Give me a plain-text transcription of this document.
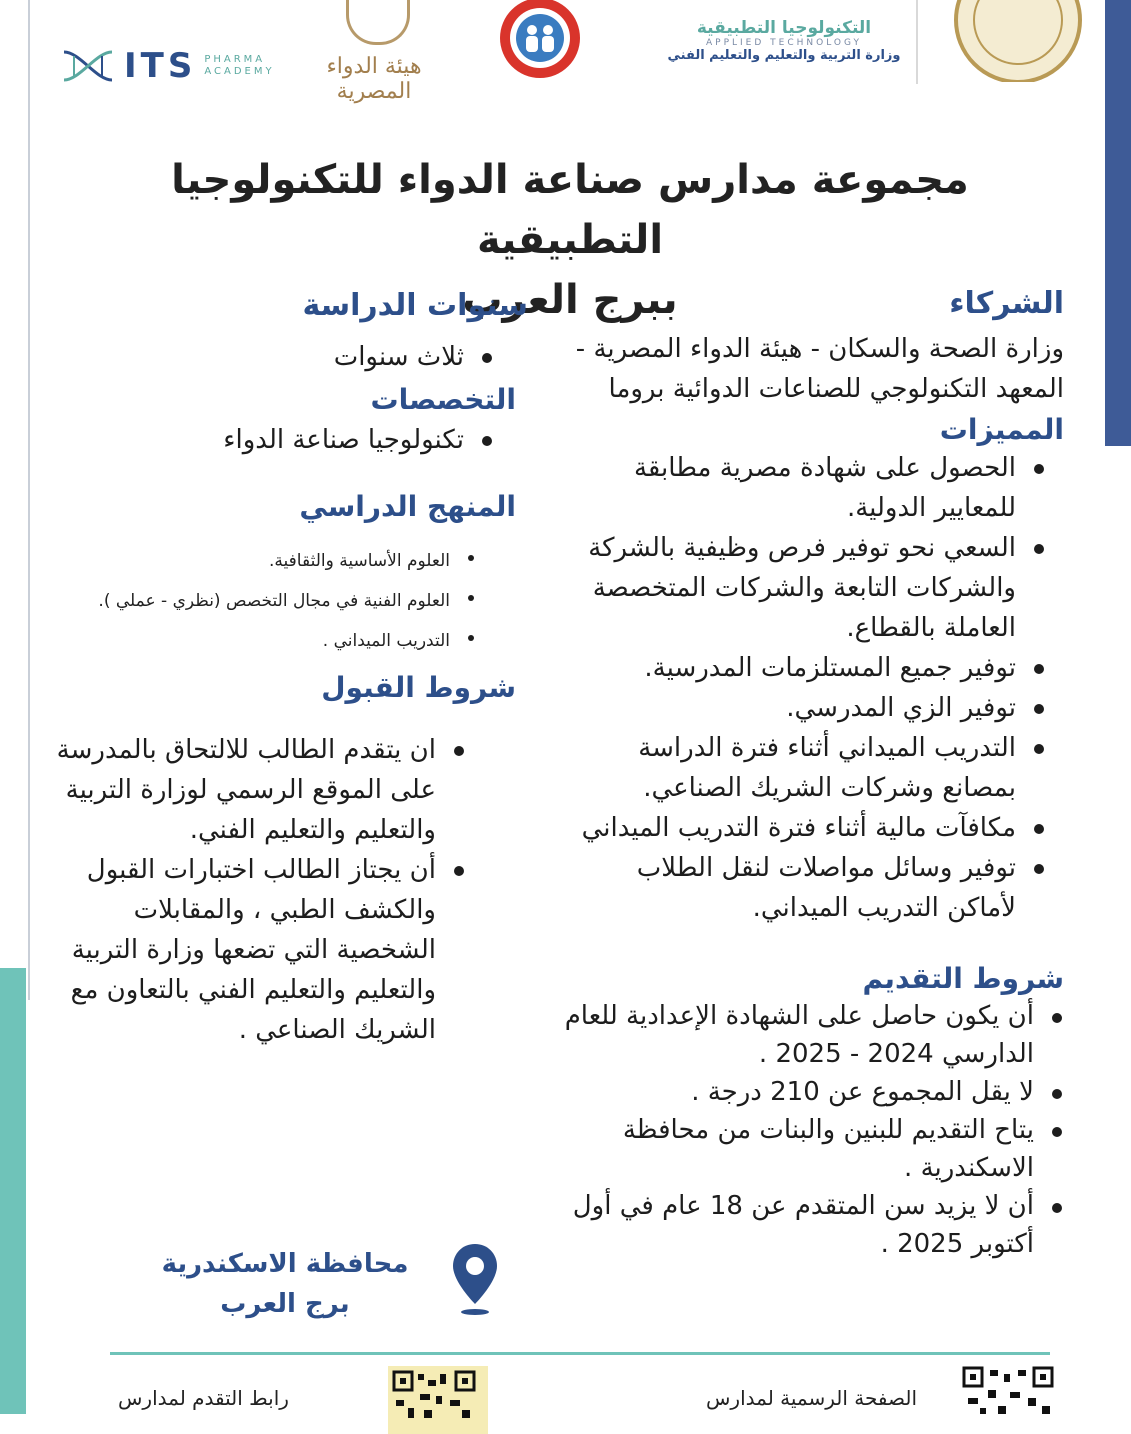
ITS PHARMA
ACADEMY	هيئة الدواء المصرية
التكنولوجيا التطبيقية
APPLIED TECHNOLOGY
وزارة التربية والتعليم والتعليم الفني
مجموعة مدارس صناعة الدواء للتكنولوجيا التطبيقية
ببرج العرب	الشركاء
وزارة الصحة والسكان - هيئة الدواء المصرية - المعهد التكنولوجي للصناعات الدوائية بروما
المميزات
الحصول على شهادة مصرية مطابقة للمعايير الدولية.
السعي نحو توفير فرص وظيفية بالشركة والشركات التابعة والشركات المتخصصة العاملة بالقطاع.
توفير جميع المستلزمات المدرسية.
توفير الزي المدرسي.
التدريب الميداني أثناء فترة الدراسة بمصانع وشركات الشريك الصناعي.
مكافآت مالية أثناء فترة التدريب الميداني
توفير وسائل مواصلات لنقل الطلاب لأماكن التدريب الميداني.
شروط التقديم
أن يكون حاصل على الشهادة الإعدادية للعام الدارسي 2024 - 2025 .
لا يقل المجموع عن 210 درجة .
يتاح التقديم للبنين والبنات من محافظة الاسكندرية .
أن لا يزيد سن المتقدم عن 18 عام في أول أكتوبر 2025 .
سنوات الدراسة
ثلاث سنوات
التخصصات
تكنولوجيا صناعة الدواء
المنهج الدراسي
العلوم الأساسية والثقافية.
العلوم الفنية في مجال التخصص (نظري - عملي ).
التدريب الميداني .
شروط القبول
ان يتقدم الطالب للالتحاق بالمدرسة على الموقع الرسمي لوزارة التربية والتعليم والتعليم الفني.
أن يجتاز الطالب اختبارات القبول والكشف الطبي ، والمقابلات الشخصية التي تضعها وزارة التربية والتعليم والتعليم الفني بالتعاون مع الشريك الصناعي .
محافظة الاسكندرية
برج العرب
رابط التقدم لمدارس	الصفحة الرسمية لمدارس
